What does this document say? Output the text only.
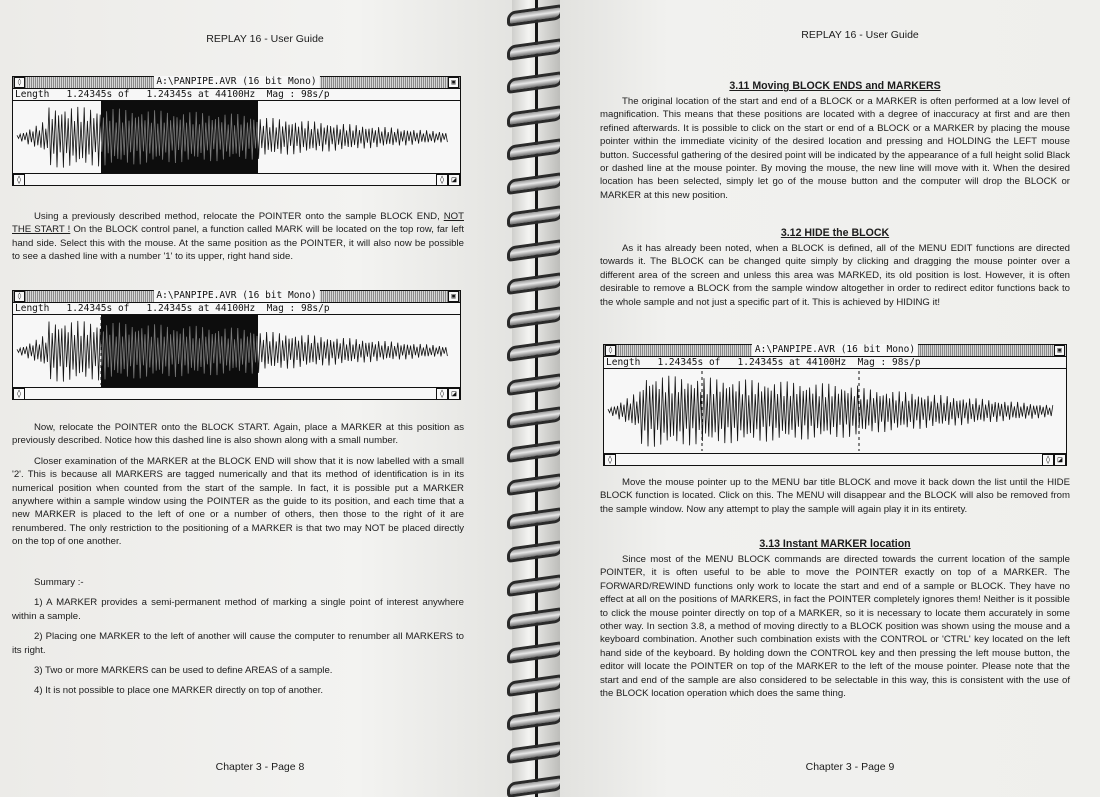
REPLAY 16 - User Guide
◊	A:\PANPIPE.AVR (16 bit Mono)	▣
Length   1.24345s of   1.24345s at 44100Hz  Mag : 98s/p
◊	◊ ◪

Using a previously described method, relocate the POINTER onto the sample BLOCK END, NOT THE START ! On the BLOCK control panel, a function called MARK will be located on the top row, far left hand side. Select this with the mouse. At the same position as the POINTER, it will also now be possible to see a dashed line with a number '1' to its upper, right hand side.

◊	A:\PANPIPE.AVR (16 bit Mono)	▣
Length   1.24345s of   1.24345s at 44100Hz  Mag : 98s/p
◊	◊ ◪

Now, relocate the POINTER onto the BLOCK START. Again, place a MARKER at this position as previously described. Notice how this dashed line is also shown along with a small number.

Closer examination of the MARKER at the BLOCK END will show that it is now labelled with a small '2'. This is because all MARKERS are tagged numerically and that its method of identification is in its numerical position when counted from the start of the sample. In fact, it is possible put a MARKER anywhere within a sample window using the POINTER as the guide to its position, and each time that a new MARKER is placed to the left of one or a number of others, then those to the right of it are renumbered. The only restriction to the positioning of a MARKER is that two may NOT be placed directly on the top of one another.

Summary :-

1) A MARKER provides a semi-permanent method of marking a single point of interest anywhere within a sample.

2) Placing one MARKER to the left of another will cause the computer to renumber all MARKERS to its right.

3) Two or more MARKERS can be used to define AREAS of a sample.

4) It is not possible to place one MARKER directly on top of another.

Chapter 3 - Page 8
REPLAY 16 - User Guide
3.11 Moving BLOCK ENDS and MARKERS

The original location of the start and end of a BLOCK or a MARKER is often performed at a low level of magnification. This means that these positions are located with a degree of inaccuracy at first and are then refined afterwards. It is possible to click on the start or end of a BLOCK or a MARKER by placing the mouse pointer within the immediate vicinity of the desired location and pressing and HOLDING the LEFT mouse button. Successful gathering of the desired point will be indicated by the appearance of a full height solid Black or dashed line at the mouse pointer. By moving the mouse, the new line will move with it. When the desired location has been selected, simply let go of the mouse button and the computer will drop the BLOCK or MARKER at this new position.

3.12 HIDE the BLOCK

As it has already been noted, when a BLOCK is defined, all of the MENU EDIT functions are directed towards it. The BLOCK can be changed quite simply by clicking and dragging the mouse pointer over a different area of the screen and unless this area was MARKED, its old position is lost. However, it is often desirable to remove a BLOCK from the sample window altogether in order to redirect editor functions back to the whole sample and not just a specific part of it. This is achieved by HIDING it!

◊	A:\PANPIPE.AVR (16 bit Mono)	▣
Length   1.24345s of   1.24345s at 44100Hz  Mag : 98s/p
◊	◊ ◪

Move the mouse pointer up to the MENU bar title BLOCK and move it back down the list until the HIDE BLOCK function is located. Click on this. The MENU will disappear and the BLOCK will also be removed from the sample window. Now any attempt to play the sample will again play it in its entirety.

3.13 Instant MARKER location

Since most of the MENU BLOCK commands are directed towards the current location of the sample POINTER, it is often useful to be able to move the POINTER exactly on top of a MARKER. The FORWARD/REWIND functions only work to locate the start and end of a sample or BLOCK. They have no effect at all on the positions of MARKERS, in fact the POINTER completely ignores them! Neither is it possible to click the mouse pointer directly on top of a MARKER, so it is necessary to locate them accurately in some other way. In section 3.8, a method of moving directly to a BLOCK position was shown using the mouse and a keyboard combination. Another such combination exists with the CONTROL or 'CTRL' key located on the left hand side of the keyboard. By holding down the CONTROL key and then pressing the left mouse button, the editor will locate the POINTER on top of the MARKER to the left of the mouse pointer. Please note that the start and end of the sample are also considered to be selectable in this way, this is consistent with the use of the BLOCK location operation which does the same thing.

Chapter 3 - Page 9
